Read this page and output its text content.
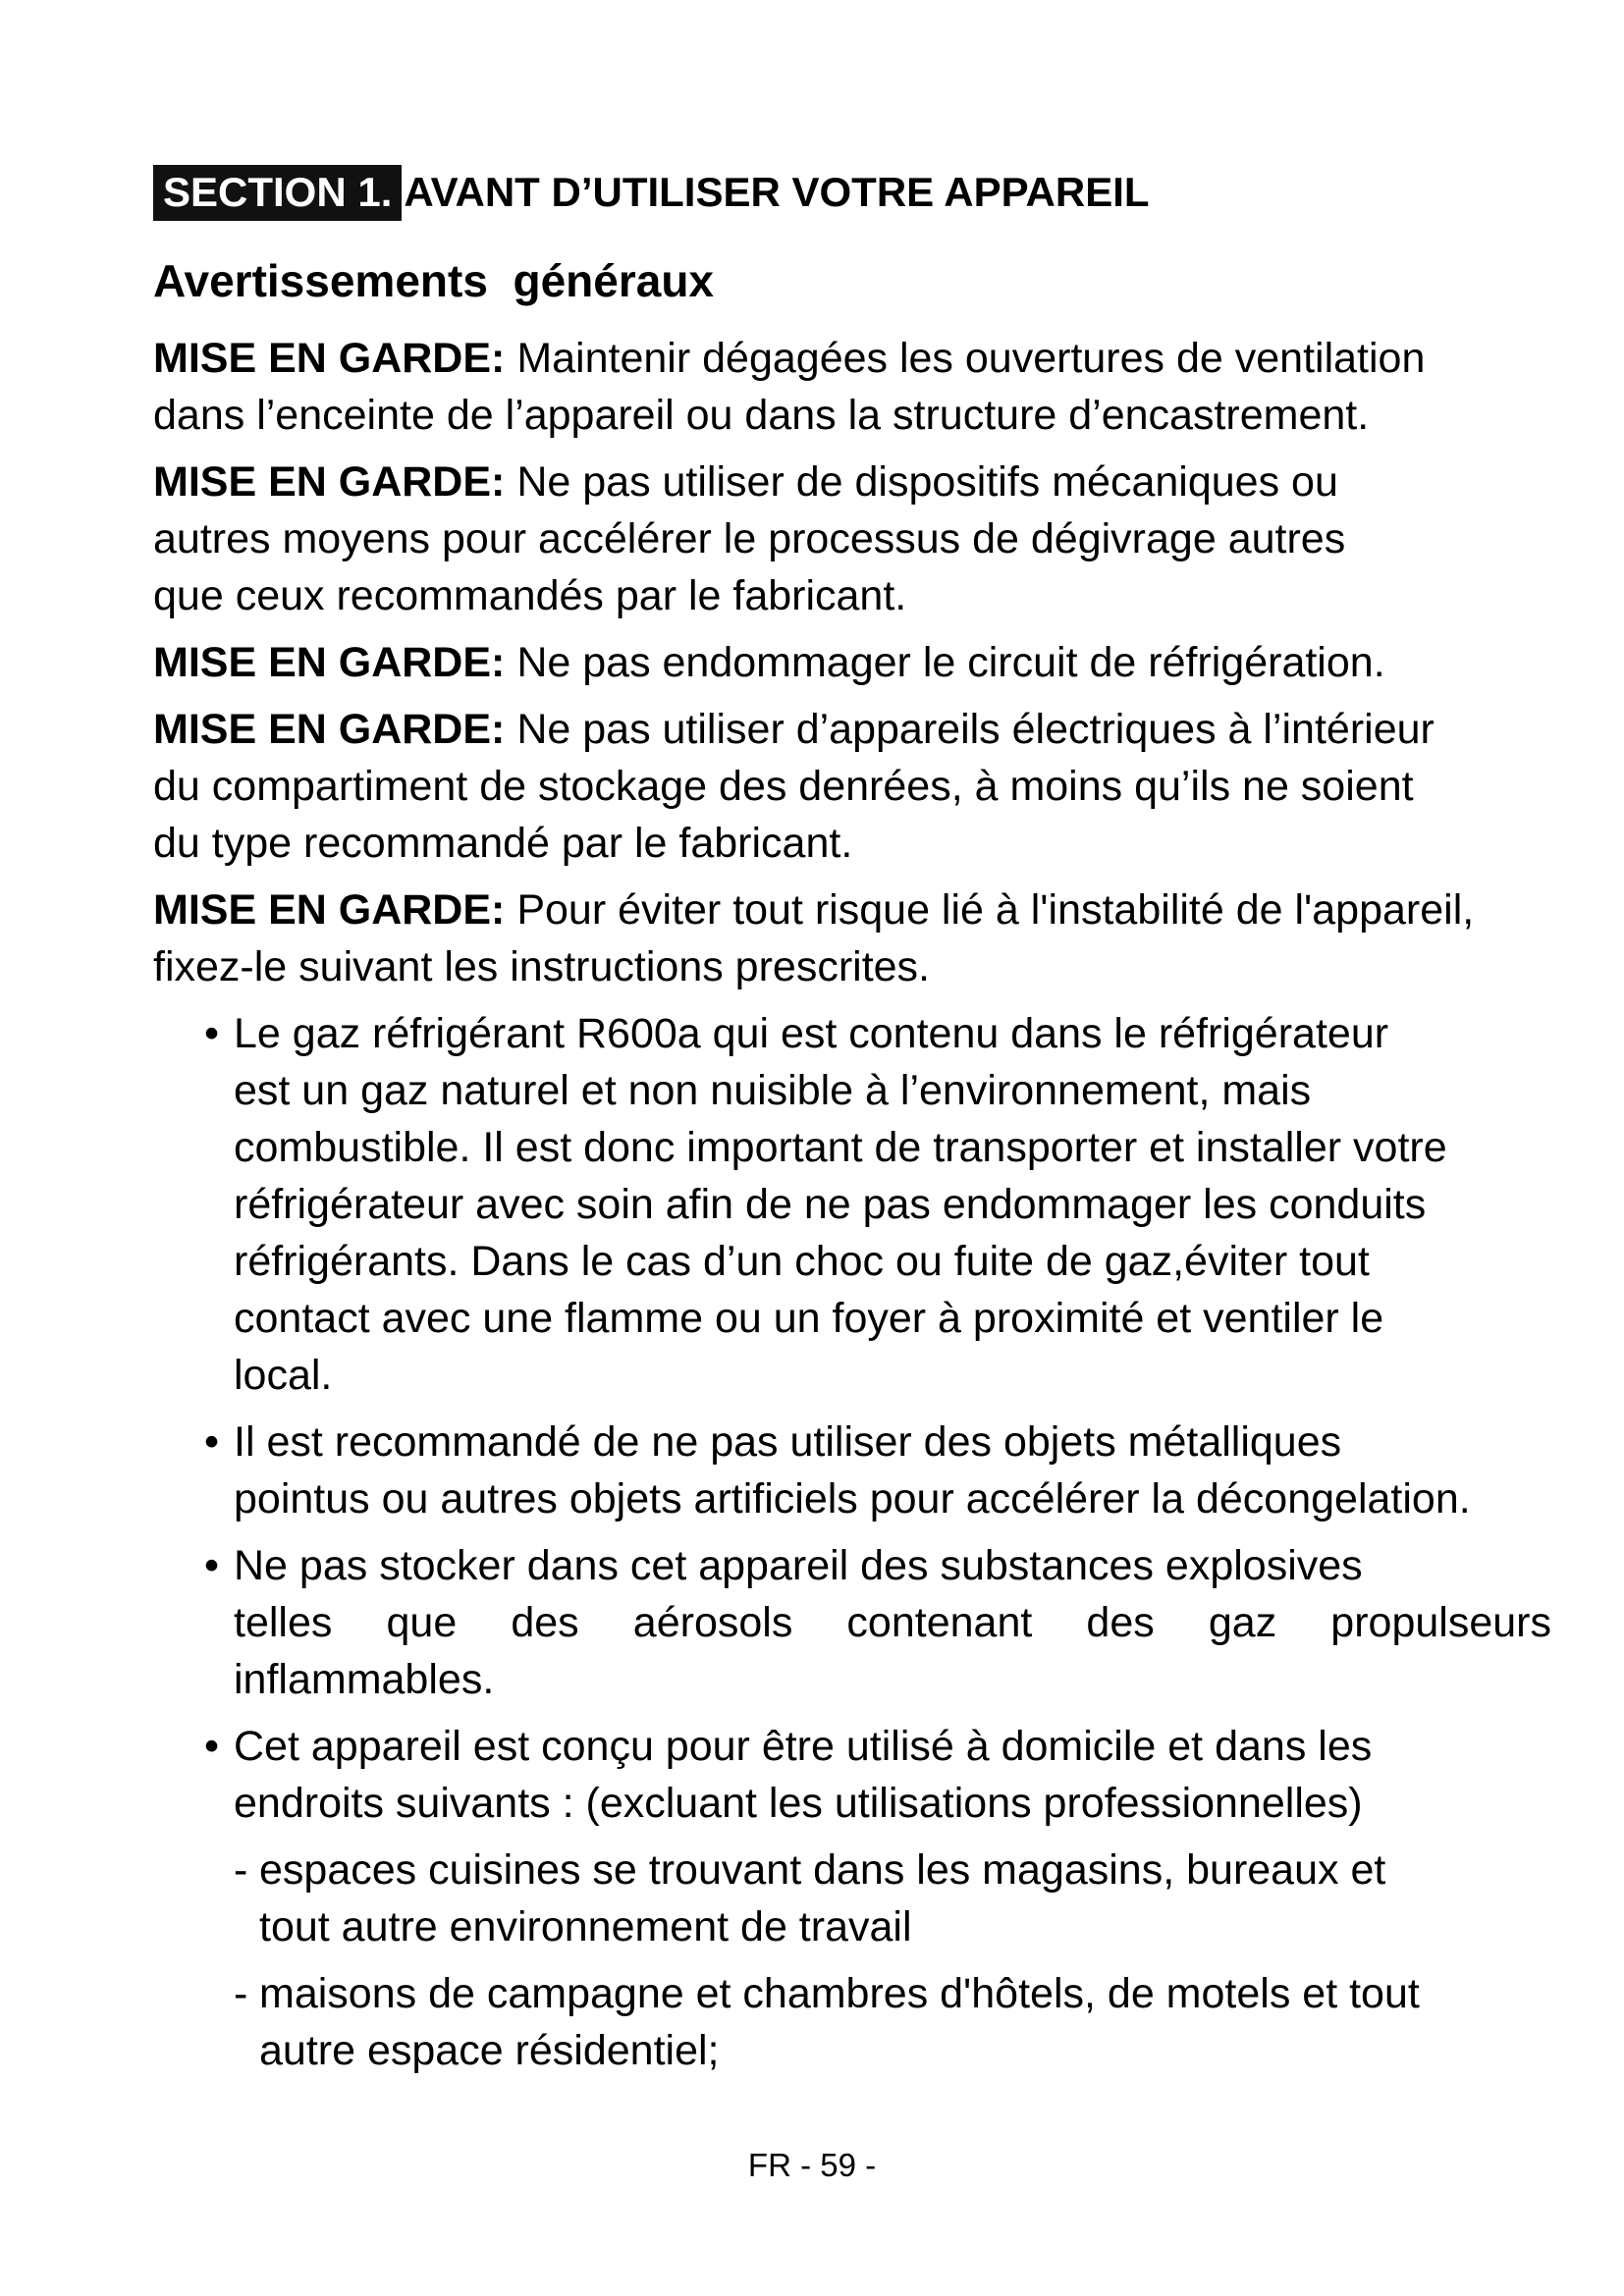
SECTION 1. AVANT D’UTILISER VOTRE APPAREIL
Avertissements  généraux

MISE EN GARDE: Maintenir dégagées les ouvertures de ventilation
dans l’enceinte de l’appareil ou dans la structure d’encastrement.

MISE EN GARDE: Ne pas utiliser de dispositifs mécaniques ou
autres moyens pour accélérer le processus de dégivrage autres
que ceux recommandés par le fabricant.

MISE EN GARDE: Ne pas endommager le circuit de réfrigération.

MISE EN GARDE: Ne pas utiliser d’appareils électriques à l’intérieur
du compartiment de stockage des denrées, à moins qu’ils ne soient
du type recommandé par le fabricant.

MISE EN GARDE: Pour éviter tout risque lié à l'instabilité de l'appareil,
fixez-le suivant les instructions prescrites.

• Le gaz réfrigérant R600a qui est contenu dans le réfrigérateur
est un gaz naturel et non nuisible à l’environnement, mais
combustible. Il est donc important de transporter et installer votre
réfrigérateur avec soin afin de ne pas endommager les conduits
réfrigérants. Dans le cas d’un choc ou fuite de gaz,éviter tout
contact avec une flamme ou un foyer à proximité et ventiler le
local.
• Il est recommandé de ne pas utiliser des objets métalliques
pointus ou autres objets artificiels pour accélérer la décongelation.
• Ne pas stocker dans cet appareil des substances explosives
telles que des aérosols contenant des gaz propulseurs
inflammables.
• Cet appareil est conçu pour être utilisé à domicile et dans les
endroits suivants : (excluant les utilisations professionnelles)
- espaces cuisines se trouvant dans les magasins, bureaux et
tout autre environnement de travail
- maisons de campagne et chambres d'hôtels, de motels et tout
autre espace résidentiel;
FR - 59 -
